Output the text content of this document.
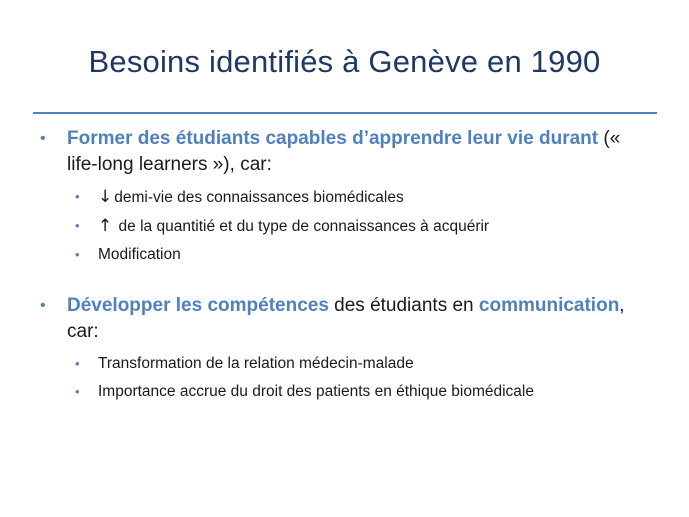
Besoins identifiés à Genève en 1990
• Former des étudiants capables d’apprendre leur vie durant (« life-long learners »), car:
• ↓ demi-vie des connaissances biomédicales
• ↑ de la quantitié et du type de connaissances à acquérir
• Modification
• Développer les compétences des étudiants en communication, car:
• Transformation de la relation médecin-malade
• Importance accrue du droit des patients en éthique biomédicale
